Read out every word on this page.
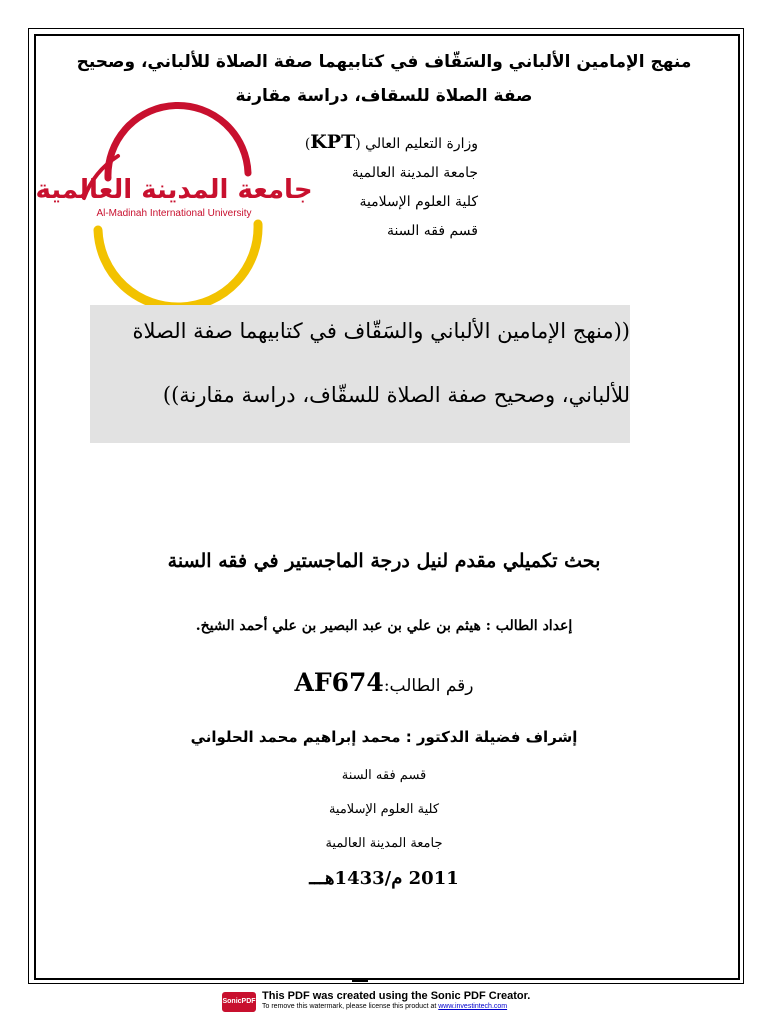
منهج الإمامين الألباني والسَقّاف في كتابيهما صفة الصلاة للألباني، وصحيح
صفة الصلاة للسقاف، دراسة مقارنة
وزارة التعليم العالي (KPT)
جامعة المدينة العالمية
كلية العلوم الإسلامية
قسم فقه السنة
جامعة المدينة العالمية
Al-Madinah International University
((منهج الإمامين الألباني والسَقّاف في كتابيهما صفة الصلاة
للألباني، وصحيح صفة الصلاة للسقّاف، دراسة مقارنة))
بحث تكميلي مقدم لنيل درجة الماجستير في فقه السنة
إعداد الطالب : هيثم بن علي بن عبد البصير بن علي أحمد الشيخ.
رقم الطالب:AF674
إشراف فضيلة الدكتور : محمد إبراهيم محمد الحلواني
قسم فقه السنة
كلية العلوم الإسلامية
جامعة المدينة العالمية
2011 م/1433هـــ
SonicPDF This PDF was created using the Sonic PDF Creator.
To remove this watermark, please license this product at www.investintech.com
